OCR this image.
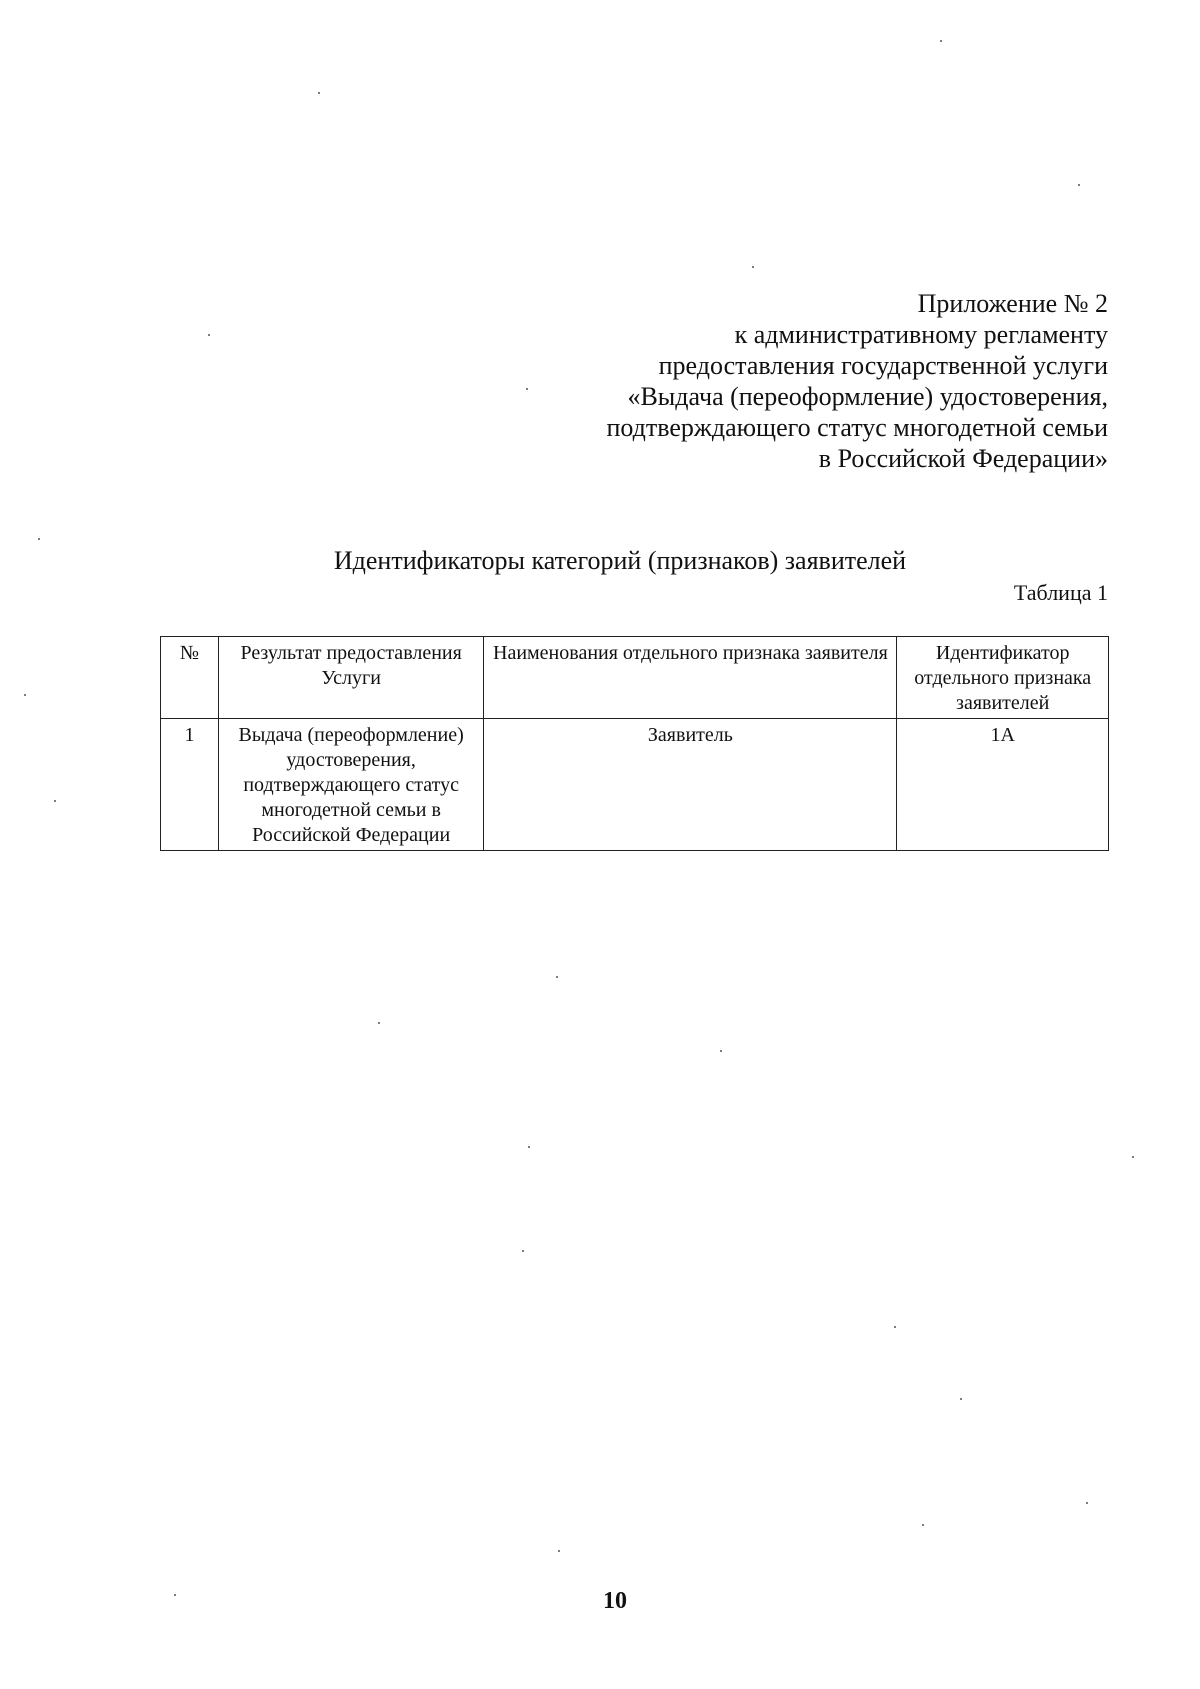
Приложение № 2
к административному регламенту
предоставления государственной услуги
«Выдача (переоформление) удостоверения,
подтверждающего статус многодетной семьи
в Российской Федерации»
Идентификаторы категорий (признаков) заявителей
Таблица 1
№	Результат предоставления Услуги	Наименования отдельного признака заявителя	Идентификатор отдельного признака заявителей
1	Выдача (переоформление) удостоверения, подтверждающего статус многодетной семьи в Российской Федерации	Заявитель	1А
10
